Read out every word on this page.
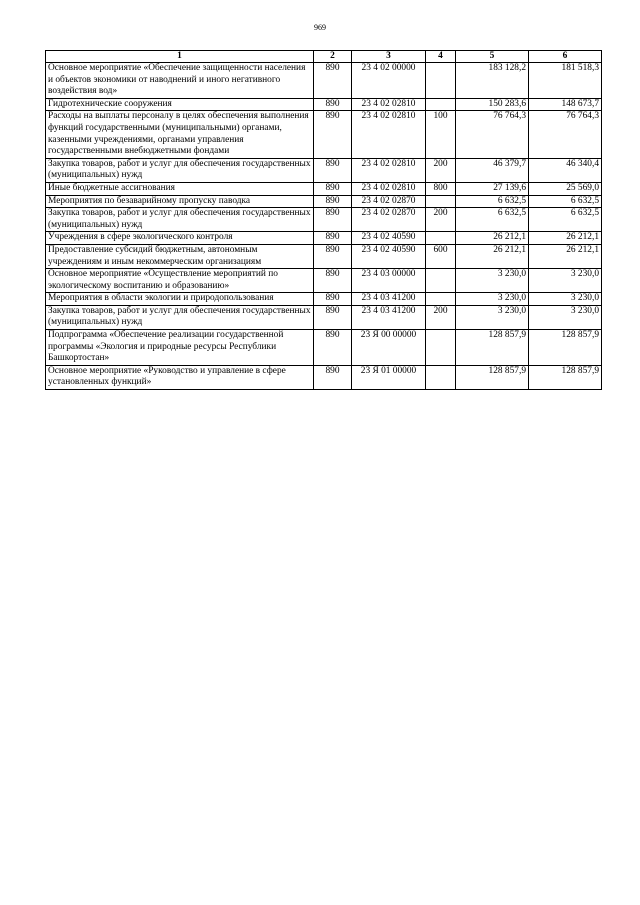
969
1	2	3	4	5	6
Основное мероприятие «Обеспечение защищенности населения и объектов экономики от наводнений и иного негативного воздействия вод»	890	23 4 02 00000		183 128,2	181 518,3
Гидротехнические сооружения	890	23 4 02 02810		150 283,6	148 673,7
Расходы на выплаты персоналу в целях обеспечения выполнения функций государственными (муниципальными) органами, казенными учреждениями, органами управления государственными внебюджетными фондами	890	23 4 02 02810	100	76 764,3	76 764,3
Закупка товаров, работ и услуг для обеспечения государственных (муниципальных) нужд	890	23 4 02 02810	200	46 379,7	46 340,4
Иные бюджетные ассигнования	890	23 4 02 02810	800	27 139,6	25 569,0
Мероприятия по безаварийному пропуску паводка	890	23 4 02 02870		6 632,5	6 632,5
Закупка товаров, работ и услуг для обеспечения государственных (муниципальных) нужд	890	23 4 02 02870	200	6 632,5	6 632,5
Учреждения в сфере экологического контроля	890	23 4 02 40590		26 212,1	26 212,1
Предоставление субсидий бюджетным, автономным учреждениям и иным некоммерческим организациям	890	23 4 02 40590	600	26 212,1	26 212,1
Основное мероприятие «Осуществление мероприятий по экологическому воспитанию и образованию»	890	23 4 03 00000		3 230,0	3 230,0
Мероприятия в области экологии и природопользования	890	23 4 03 41200		3 230,0	3 230,0
Закупка товаров, работ и услуг для обеспечения государственных (муниципальных) нужд	890	23 4 03 41200	200	3 230,0	3 230,0
Подпрограмма «Обеспечение реализации государственной программы «Экология и природные ресурсы Республики Башкортостан»	890	23 Я 00 00000		128 857,9	128 857,9
Основное мероприятие «Руководство и управление в сфере установленных функций»	890	23 Я 01 00000		128 857,9	128 857,9
